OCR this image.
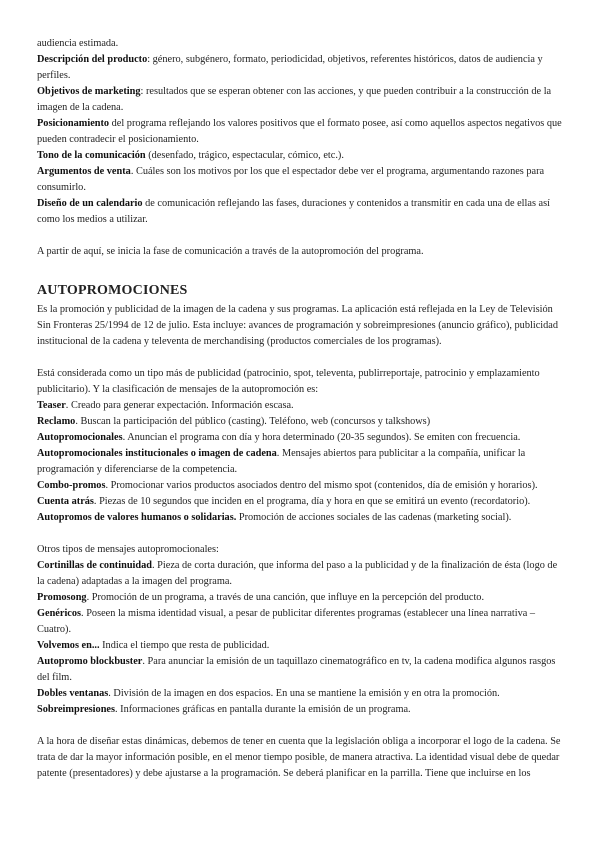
audiencia estimada.

Descripción del producto: género, subgénero, formato, periodicidad, objetivos, referentes históricos, datos de audiencia y perfiles.

Objetivos de marketing: resultados que se esperan obtener con las acciones, y que pueden contribuir a la construcción de la imagen de la cadena.

Posicionamiento del programa reflejando los valores positivos que el formato posee, así como aquellos aspectos negativos que pueden contradecir el posicionamiento.

Tono de la comunicación (desenfado, trágico, espectacular, cómico, etc.).

Argumentos de venta. Cuáles son los motivos por los que el espectador debe ver el programa, argumentando razones para consumirlo.

Diseño de un calendario de comunicación reflejando las fases, duraciones y contenidos a transmitir en cada una de ellas así como los medios a utilizar.

A partir de aquí, se inicia la fase de comunicación a través de la autopromoción del programa.

AUTOPROMOCIONES

Es la promoción y publicidad de la imagen de la cadena y sus programas. La aplicación está reflejada en la Ley de Televisión Sin Fronteras 25/1994 de 12 de julio. Esta incluye: avances de programación y sobreimpresiones (anuncio gráfico), publicidad institucional de la cadena y televenta de merchandising (productos comerciales de los programas).

Está considerada como un tipo más de publicidad (patrocinio, spot, televenta, publirreportaje, patrocinio y emplazamiento publicitario). Y la clasificación de mensajes de la autopromoción es:

Teaser. Creado para generar expectación. Información escasa.

Reclamo. Buscan la participación del público (casting). Teléfono, web (concursos y talkshows)

Autopromocionales. Anuncian el programa con día y hora determinado (20-35 segundos). Se emiten con frecuencia.

Autopromocionales institucionales o imagen de cadena. Mensajes abiertos para publicitar a la compañía, unificar la programación y diferenciarse de la competencia.

Combo-promos. Promocionar varios productos asociados dentro del mismo spot (contenidos, día de emisión y horarios).

Cuenta atrás. Piezas de 10 segundos que inciden en el programa, día y hora en que se emitirá un evento (recordatorio).

Autopromos de valores humanos o solidarias. Promoción de acciones sociales de las cadenas (marketing social).

Otros tipos de mensajes autopromocionales:

Cortinillas de continuidad. Pieza de corta duración, que informa del paso a la publicidad y de la finalización de ésta (logo de la cadena) adaptadas a la imagen del programa.

Promosong. Promoción de un programa, a través de una canción, que influye en la percepción del producto.

Genéricos. Poseen la misma identidad visual, a pesar de publicitar diferentes programas (establecer una línea narrativa – Cuatro).

Volvemos en... Indica el tiempo que resta de publicidad.

Autopromo blockbuster. Para anunciar la emisión de un taquillazo cinematográfico en tv, la cadena modifica algunos rasgos del film.

Dobles ventanas. División de la imagen en dos espacios. En una se mantiene la emisión y en otra la promoción.

Sobreimpresiones. Informaciones gráficas en pantalla durante la emisión de un programa.

A la hora de diseñar estas dinámicas, debemos de tener en cuenta que la legislación obliga a incorporar el logo de la cadena. Se trata de dar la mayor información posible, en el menor tiempo posible, de manera atractiva. La identidad visual debe de quedar patente (presentadores) y debe ajustarse a la programación. Se deberá planificar en la parrilla. Tiene que incluirse en los
